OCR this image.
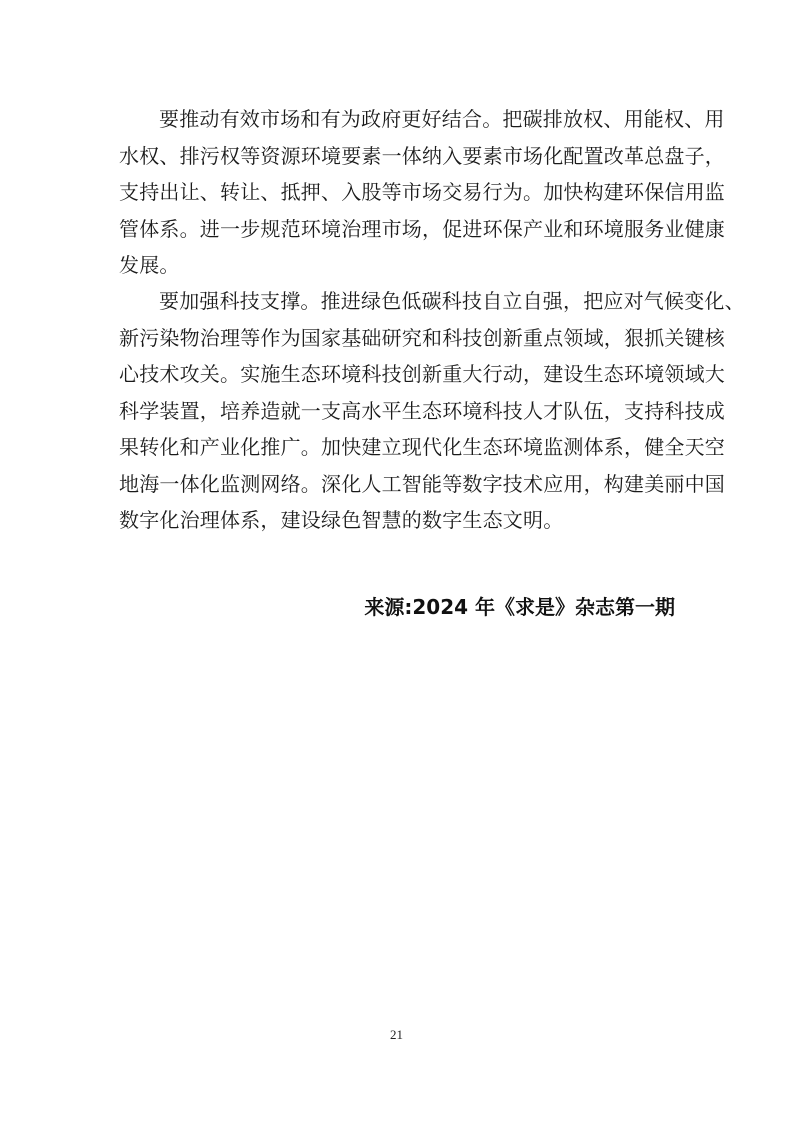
要推动有效市场和有为政府更好结合。把碳排放权、用能权、用
水权、排污权等资源环境要素一体纳入要素市场化配置改革总盘子，
支持出让、转让、抵押、入股等市场交易行为。加快构建环保信用监
管体系。进一步规范环境治理市场，促进环保产业和环境服务业健康
发展。
要加强科技支撑。推进绿色低碳科技自立自强，把应对气候变化、
新污染物治理等作为国家基础研究和科技创新重点领域，狠抓关键核
心技术攻关。实施生态环境科技创新重大行动，建设生态环境领域大
科学装置，培养造就一支高水平生态环境科技人才队伍，支持科技成
果转化和产业化推广。加快建立现代化生态环境监测体系，健全天空
地海一体化监测网络。深化人工智能等数字技术应用，构建美丽中国
数字化治理体系，建设绿色智慧的数字生态文明。
来源:2024 年《求是》杂志第一期
21
